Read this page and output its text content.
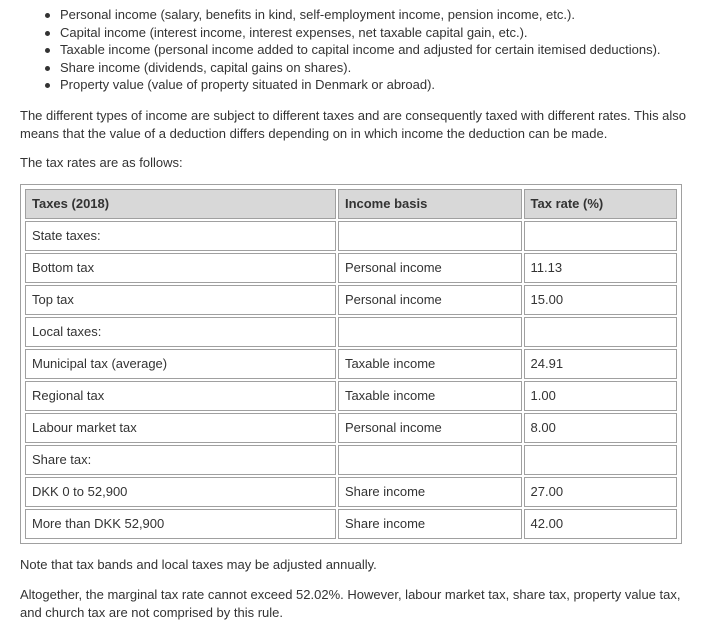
Personal income (salary, benefits in kind, self-employment income, pension income, etc.).
Capital income (interest income, interest expenses, net taxable capital gain, etc.).
Taxable income (personal income added to capital income and adjusted for certain itemised deductions).
Share income (dividends, capital gains on shares).
Property value (value of property situated in Denmark or abroad).

The different types of income are subject to different taxes and are consequently taxed with different rates. This also means that the value of a deduction differs depending on in which income the deduction can be made.

The tax rates are as follows:

Taxes (2018)	Income basis	Tax rate (%)
State taxes:		
Bottom tax	Personal income	11.13
Top tax	Personal income	15.00
Local taxes:		
Municipal tax (average)	Taxable income	24.91
Regional tax	Taxable income	1.00
Labour market tax	Personal income	8.00
Share tax:		
DKK 0 to 52,900	Share income	27.00
More than DKK 52,900	Share income	42.00

Note that tax bands and local taxes may be adjusted annually.

Altogether, the marginal tax rate cannot exceed 52.02%. However, labour market tax, share tax, property value tax, and church tax are not comprised by this rule.
